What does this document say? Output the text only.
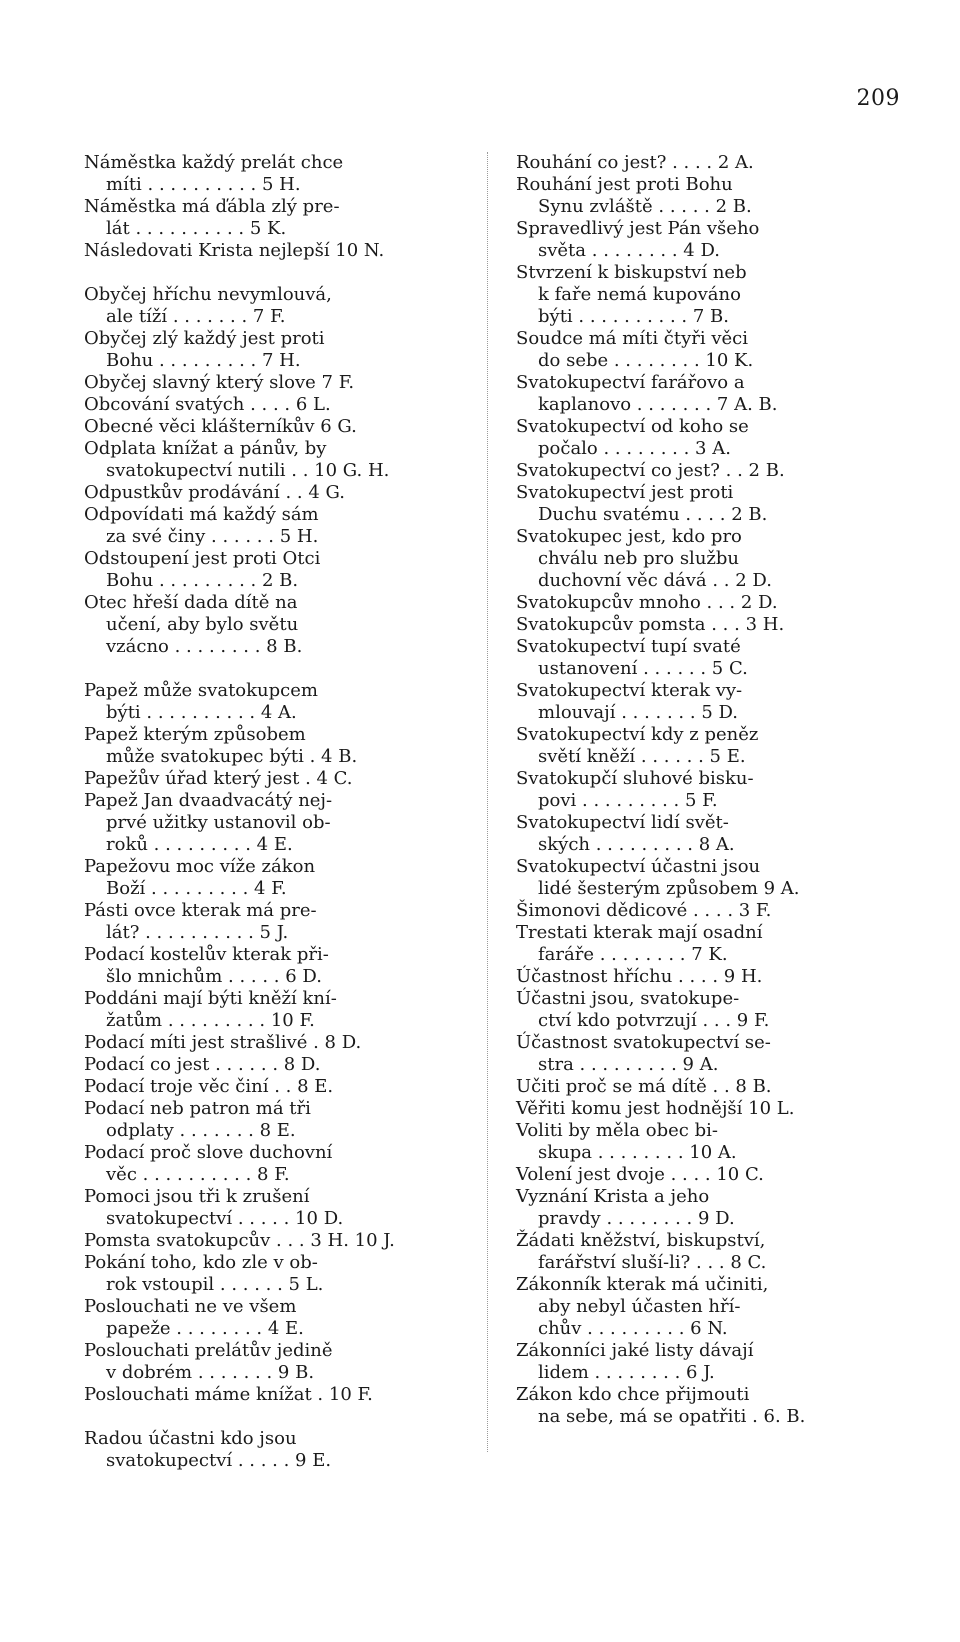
209
Náměstka každý prelát chce
míti . . . . . . . . . . 5 H.
Náměstka má ďábla zlý pre-
lát . . . . . . . . . . 5 K.
Následovati Krista nejlepší 10 N.
Obyčej hříchu nevymlouvá,
ale tíží . . . . . . . 7 F.
Obyčej zlý každý jest proti
Bohu . . . . . . . . . 7 H.
Obyčej slavný který slove 7 F.
Obcování svatých . . . . 6 L.
Obecné věci klášterníkův 6 G.
Odplata knížat a pánův, by
svatokupectví nutili . . 10 G. H.
Odpustkův prodávání . . 4 G.
Odpovídati má každý sám
za své činy . . . . . . 5 H.
Odstoupení jest proti Otci
Bohu . . . . . . . . . 2 B.
Otec hřeší dada dítě na
učení, aby bylo světu
vzácno . . . . . . . . 8 B.
Papež může svatokupcem
býti . . . . . . . . . . 4 A.
Papež kterým způsobem
může svatokupec býti . 4 B.
Papežův úřad který jest . 4 C.
Papež Jan dvaadvacátý nej-
prvé užitky ustanovil ob-
roků . . . . . . . . . 4 E.
Papežovu moc víže zákon
Boží . . . . . . . . . 4 F.
Pásti ovce kterak má pre-
lát? . . . . . . . . . . 5 J.
Podací kostelův kterak při-
šlo mnichům . . . . . 6 D.
Poddáni mají býti kněží kní-
žatům . . . . . . . . . 10 F.
Podací míti jest strašlivé . 8 D.
Podací co jest . . . . . . 8 D.
Podací troje věc činí . . 8 E.
Podací neb patron má tři
odplaty . . . . . . . 8 E.
Podací proč slove duchovní
věc . . . . . . . . . . 8 F.
Pomoci jsou tři k zrušení
svatokupectví . . . . . 10 D.
Pomsta svatokupcův . . . 3 H. 10 J.
Pokání toho, kdo zle v ob-
rok vstoupil . . . . . . 5 L.
Poslouchati ne ve všem
papeže . . . . . . . . 4 E.
Poslouchati prelátův jedině
v dobrém . . . . . . . 9 B.
Poslouchati máme knížat . 10 F.
Radou účastni kdo jsou
svatokupectví . . . . . 9 E.
Rouhání co jest? . . . . 2 A.
Rouhání jest proti Bohu
Synu zvláště . . . . . 2 B.
Spravedlivý jest Pán všeho
světa . . . . . . . . 4 D.
Stvrzení k biskupství neb
k faře nemá kupováno
býti . . . . . . . . . . 7 B.
Soudce má míti čtyři věci
do sebe . . . . . . . . 10 K.
Svatokupectví farářovo a
kaplanovo . . . . . . . 7 A. B.
Svatokupectví od koho se
počalo . . . . . . . . 3 A.
Svatokupectví co jest? . . 2 B.
Svatokupectví jest proti
Duchu svatému . . . . 2 B.
Svatokupec jest, kdo pro
chválu neb pro službu
duchovní věc dává . . 2 D.
Svatokupcův mnoho . . . 2 D.
Svatokupcův pomsta . . . 3 H.
Svatokupectví tupí svaté
ustanovení . . . . . . 5 C.
Svatokupectví kterak vy-
mlouvají . . . . . . . 5 D.
Svatokupectví kdy z peněz
světí kněží . . . . . . 5 E.
Svatokupčí sluhové bisku-
povi . . . . . . . . . 5 F.
Svatokupectví lidí svět-
ských . . . . . . . . . 8 A.
Svatokupectví účastni jsou
lidé šesterým způsobem 9 A.
Šimonovi dědicové . . . . 3 F.
Trestati kterak mají osadní
faráře . . . . . . . . 7 K.
Účastnost hříchu . . . . 9 H.
Účastni jsou, svatokupe-
ctví kdo potvrzují . . . 9 F.
Účastnost svatokupectví se-
stra . . . . . . . . . 9 A.
Učiti proč se má dítě . . 8 B.
Věřiti komu jest hodnější 10 L.
Voliti by měla obec bi-
skupa . . . . . . . . 10 A.
Volení jest dvoje . . . . 10 C.
Vyznání Krista a jeho
pravdy . . . . . . . . 9 D.
Žádati kněžství, biskupství,
farářství sluší-li? . . . 8 C.
Zákonník kterak má učiniti,
aby nebyl účasten hří-
chův . . . . . . . . . 6 N.
Zákonníci jaké listy dávají
lidem . . . . . . . . 6 J.
Zákon kdo chce přijmouti
na sebe, má se opatřiti . 6. B.
